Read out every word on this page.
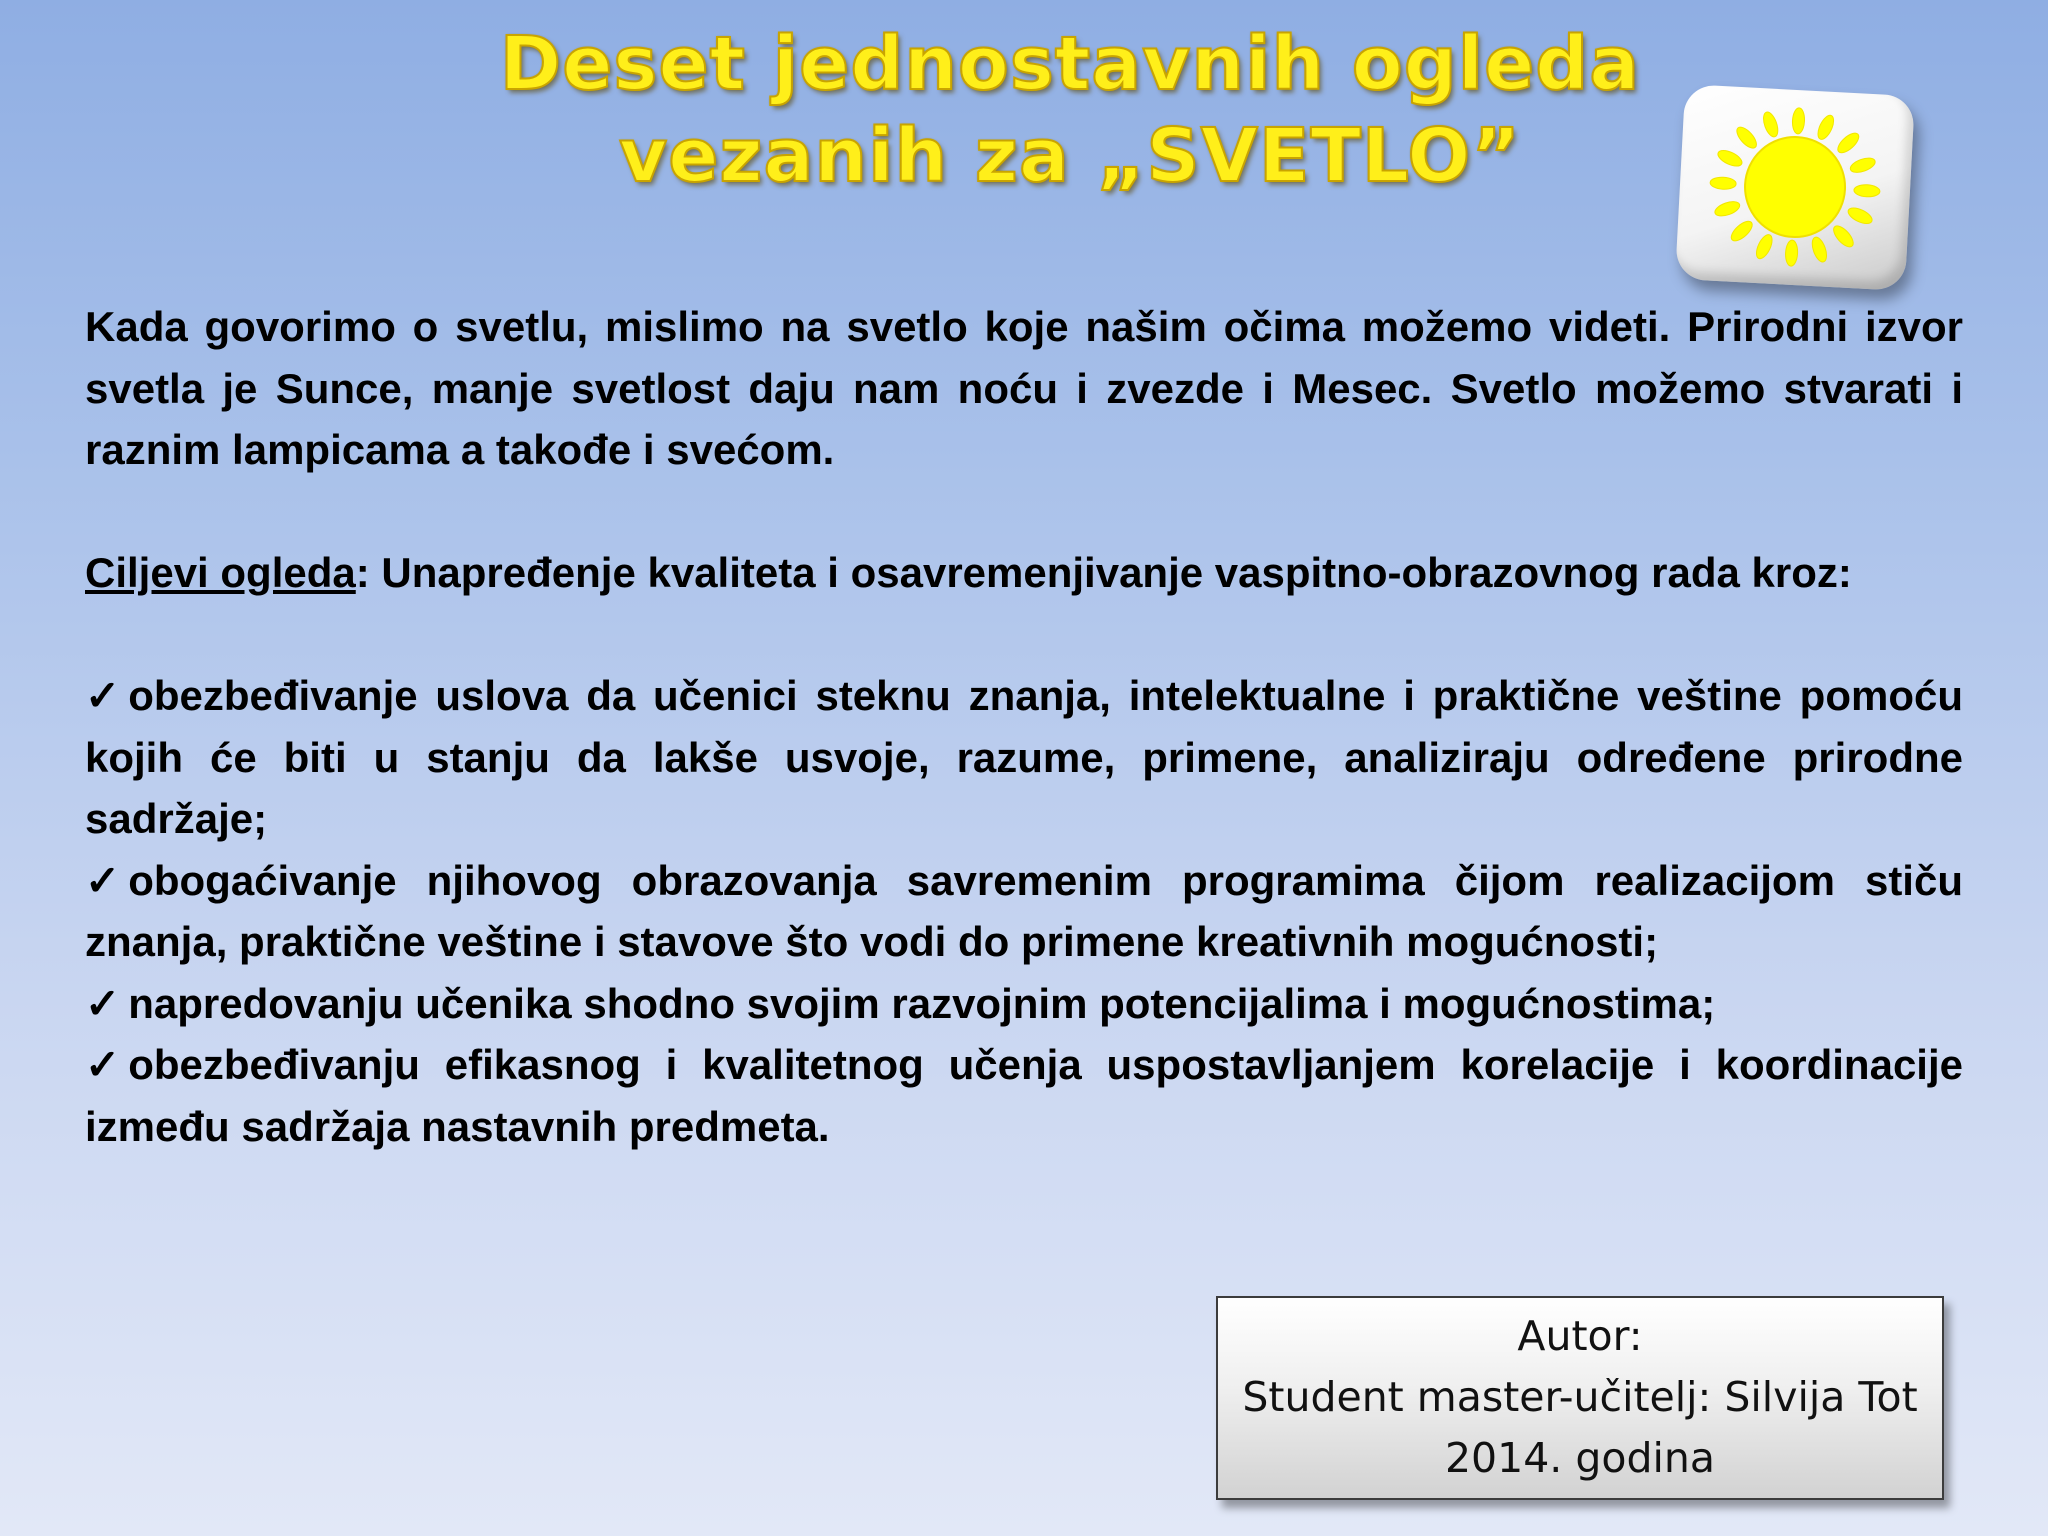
Deset jednostavnih ogleda
vezanih za „SVETLO”

Kada govorimo o svetlu, mislimo na svetlo koje našim očima možemo videti. Prirodni izvor svetla je Sunce, manje svetlost daju nam noću i zvezde i Mesec. Svetlo možemo stvarati i raznim lampicama a takođe i svećom.

Ciljevi ogleda: Unapređenje kvaliteta i osavremenjivanje vaspitno-obrazovnog rada kroz:

✓ obezbeđivanje uslova da učenici steknu znanja, intelektualne i praktične veštine pomoću kojih će biti u stanju da lakše usvoje, razume, primene, analiziraju određene prirodne sadržaje;

✓ obogaćivanje njihovog obrazovanja savremenim programima čijom realizacijom stiču znanja, praktične veštine i stavove što vodi do primene kreativnih mogućnosti;

✓ napredovanju učenika shodno svojim razvojnim potencijalima i mogućnostima;

✓ obezbeđivanju efikasnog i kvalitetnog učenja uspostavljanjem korelacije i koordinacije između sadržaja nastavnih predmeta.

Autor:
Student master-učitelj: Silvija Tot
2014. godina
